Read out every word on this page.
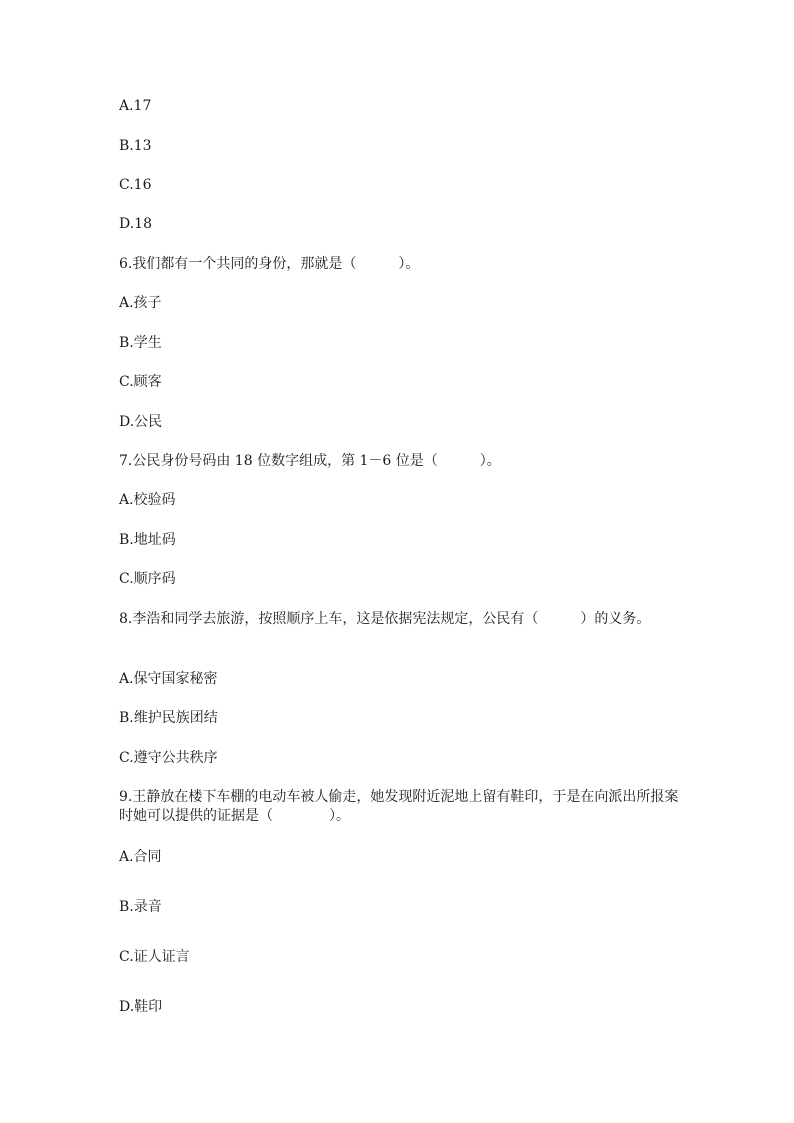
A.17
B.13
C.16
D.18
6.我们都有一个共同的身份，那就是（　　　）。
A.孩子
B.学生
C.顾客
D.公民
7.公民身份号码由 18 位数字组成，第 1－6 位是（　　　）。
A.校验码
B.地址码
C.顺序码
8.李浩和同学去旅游，按照顺序上车，这是依据宪法规定，公民有（　　　）的义务。
A.保守国家秘密
B.维护民族团结
C.遵守公共秩序
9.王静放在楼下车棚的电动车被人偷走，她发现附近泥地上留有鞋印，于是在向派出所报案时她可以提供的证据是（　　　　）。
A.合同
B.录音
C.证人证言
D.鞋印
